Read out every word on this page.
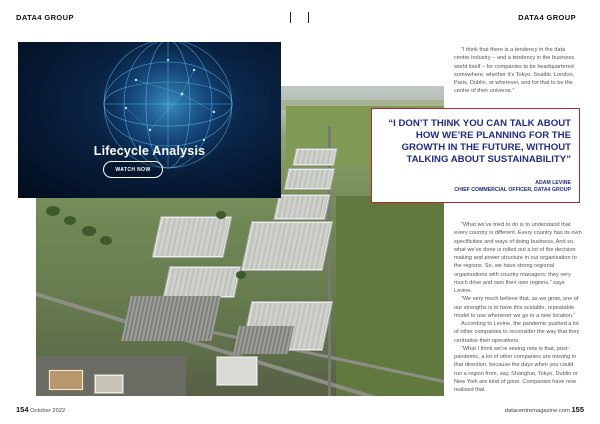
DATA4 GROUP	DATA4 GROUP
Lifecycle Analysis
WATCH NOW

“I think that there is a tendency in the data centre industry – and a tendency in the business world itself – for companies to be headquartered somewhere, whether it’s Tokyo, Seattle, London, Paris, Dublin, or wherever, and for that to be the centre of their universe.”

“I DON’T THINK YOU CAN TALK ABOUT HOW WE’RE PLANNING FOR THE GROWTH IN THE FUTURE, WITHOUT TALKING ABOUT SUSTAINABILITY”
ADAM LEVINE
CHIEF COMMERCIAL OFFICER, DATA4 GROUP

“What we’ve tried to do is to understand that every country is different. Every country has its own specificities and ways of doing business. And so, what we’ve done is rolled out a lot of the decision making and power structure in our organisation to the regions. So, we have strong regional organisations with country managers; they very much drive and own their own regions,” says Levine.

“We very much believe that, as we grow, one of our strengths is to have this scalable, repeatable model to use whenever we go to a new location.”

According to Levine, the pandemic pushed a lot of other companies to reconsider the way that they centralise their operations.

“What I think we’re seeing now is that, post-pandemic, a lot of other companies are moving in that direction, because the days when you could run a region from, say, Shanghai, Tokyo, Dublin or New York are kind of gone. Companies have now realised that

154 October 2022	datacentremagazine.com 155
